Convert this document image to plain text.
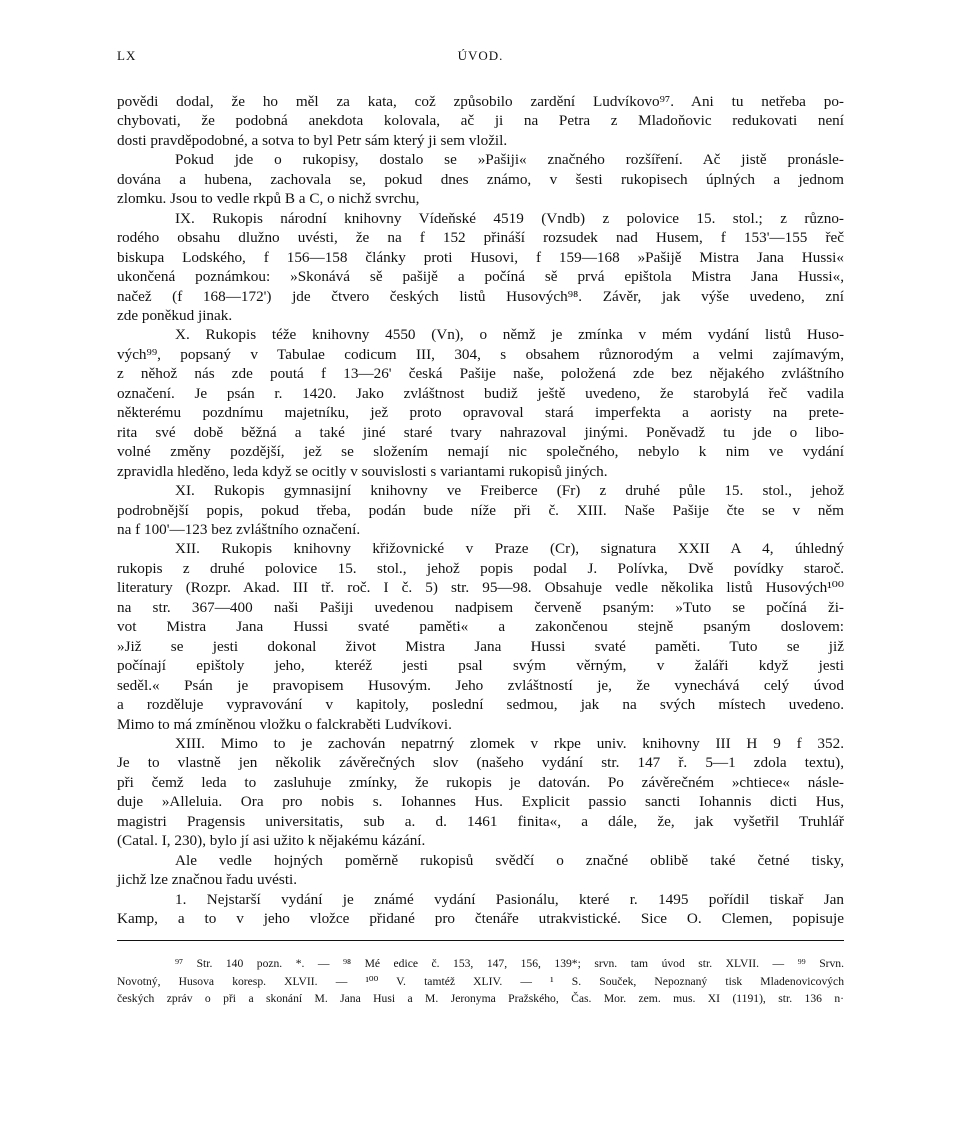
LX	ÚVOD.
povědi dodal, že ho měl za kata, což způsobilo zardění Ludvíkovo⁹⁷. Ani tu netřeba po-
chybovati, že podobná anekdota kolovala, ač ji na Petra z Mladoňovic redukovati není
dosti pravděpodobné, a sotva to byl Petr sám který ji sem vložil.
Pokud jde o rukopisy, dostalo se »Pašiji« značného rozšíření. Ač jistě pronásle-
dována a hubena, zachovala se, pokud dnes známo, v šesti rukopisech úplných a jednom
zlomku. Jsou to vedle rkpů B a C, o nichž svrchu,
IX. Rukopis národní knihovny Vídeňské 4519 (Vndb) z polovice 15. stol.; z různo-
rodého obsahu dlužno uvésti, že na f 152 přináší rozsudek nad Husem, f 153'—155 řeč
biskupa Lodského, f 156—158 články proti Husovi, f 159—168 »Pašijě Mistra Jana Hussi«
ukončená poznámkou: »Skonává sě pašijě a počíná sě prvá epištola Mistra Jana Hussi«,
načež (f 168—172') jde čtvero českých listů Husových⁹⁸. Závěr, jak výše uvedeno, zní
zde poněkud jinak.
X. Rukopis téže knihovny 4550 (Vn), o němž je zmínka v mém vydání listů Huso-
vých⁹⁹, popsaný v Tabulae codicum III, 304, s obsahem různorodým a velmi zajímavým,
z něhož nás zde poutá f 13—26' česká Pašije naše, položená zde bez nějakého zvláštního
označení. Je psán r. 1420. Jako zvláštnost budiž ještě uvedeno, že starobylá řeč vadila
některému pozdnímu majetníku, jež proto opravoval stará imperfekta a aoristy na prete-
rita své době běžná a také jiné staré tvary nahrazoval jinými. Poněvadž tu jde o libo-
volné změny pozdější, jež se složením nemají nic společného, nebylo k nim ve vydání
zpravidla hleděno, leda když se ocitly v souvislosti s variantami rukopisů jiných.
XI. Rukopis gymnasijní knihovny ve Freiberce (Fr) z druhé půle 15. stol., jehož
podrobnější popis, pokud třeba, podán bude níže při č. XIII. Naše Pašije čte se v něm
na f 100'—123 bez zvláštního označení.
XII. Rukopis knihovny křižovnické v Praze (Cr), signatura XXII A 4, úhledný
rukopis z druhé polovice 15. stol., jehož popis podal J. Polívka, Dvě povídky staroč.
literatury (Rozpr. Akad. III tř. roč. I č. 5) str. 95—98. Obsahuje vedle několika listů Husových¹⁰⁰
na str. 367—400 naši Pašiji uvedenou nadpisem červeně psaným: »Tuto se počíná ži-
vot Mistra Jana Hussi svaté paměti« a zakončenou stejně psaným doslovem:
»Již se jesti dokonal život Mistra Jana Hussi svaté paměti. Tuto se již
počínají epištoly jeho, kteréž jesti psal svým věrným, v žaláři když jesti
seděl.« Psán je pravopisem Husovým. Jeho zvláštností je, že vynechává celý úvod
a rozděluje vypravování v kapitoly, poslední sedmou, jak na svých místech uvedeno.
Mimo to má zmíněnou vložku o falckraběti Ludvíkovi.
XIII. Mimo to je zachován nepatrný zlomek v rkpe univ. knihovny III H 9 f 352.
Je to vlastně jen několik závěrečných slov (našeho vydání str. 147 ř. 5—1 zdola textu),
při čemž leda to zasluhuje zmínky, že rukopis je datován. Po závěrečném »chtiece« násle-
duje »Alleluia. Ora pro nobis s. Iohannes Hus. Explicit passio sancti Iohannis dicti Hus,
magistri Pragensis universitatis, sub a. d. 1461 finita«, a dále, že, jak vyšetřil Truhlář
(Catal. I, 230), bylo jí asi užito k nějakému kázání.
Ale vedle hojných poměrně rukopisů svědčí o značné oblibě také četné tisky,
jichž lze značnou řadu uvésti.
1. Nejstarší vydání je známé vydání Pasionálu, které r. 1495 pořídil tiskař Jan
Kamp, a to v jeho vložce přidané pro čtenáře utrakvistické. Sice O. Clemen, popisuje
⁹⁷ Str. 140 pozn. *. — ⁹⁸ Mé edice č. 153, 147, 156, 139*; srvn. tam úvod str. XLVII. — ⁹⁹ Srvn.
Novotný, Husova koresp. XLVII. — ¹⁰⁰ V. tamtéž XLIV. — ¹ S. Souček, Nepoznaný tisk Mladenovicových
českých zpráv o při a skonání M. Jana Husi a M. Jeronyma Pražského, Čas. Mor. zem. mus. XI (1191), str. 136 n·
